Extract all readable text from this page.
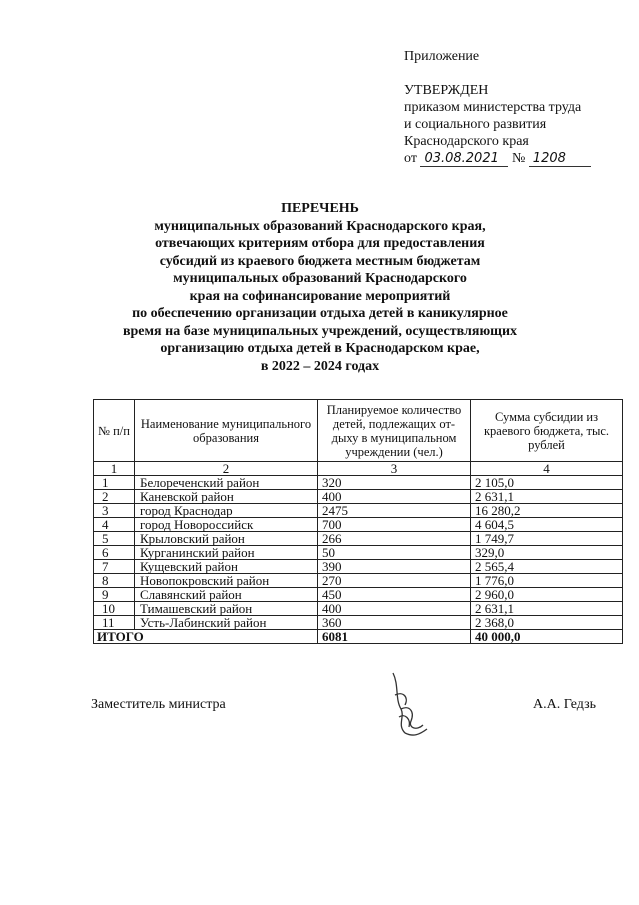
Приложение
УТВЕРЖДЕН
приказом министерства труда
и социального развития
Краснодарского края
от 03.08.2021 № 1208
ПЕРЕЧЕНЬ
муниципальных образований Краснодарского края,
отвечающих критериям отбора для предоставления
субсидий из краевого бюджета местным бюджетам
муниципальных образований Краснодарского
края на софинансирование мероприятий
по обеспечению организации отдыха детей в каникулярное
время на базе муниципальных учреждений, осуществляющих
организацию отдыха детей в Краснодарском крае,
в 2022 – 2024 годах
№ п/п	Наименование муниципального образования	Планируемое количество детей, подлежащих от-дыху в муниципальном учреждении (чел.)	Сумма субсидии из краевого бюджета, тыс. рублей
1	2	3	4
1	Белореченский район	320	2 105,0
2	Каневской район	400	2 631,1
3	город Краснодар	2475	16 280,2
4	город Новороссийск	700	4 604,5
5	Крыловский район	266	1 749,7
6	Курганинский район	50	329,0
7	Кущевский район	390	2 565,4
8	Новопокровский район	270	1 776,0
9	Славянский район	450	2 960,0
10	Тимашевский район	400	2 631,1
11	Усть-Лабинский район	360	2 368,0
ИТОГО		6081	40 000,0
Заместитель министра	А.А. Гедзь
